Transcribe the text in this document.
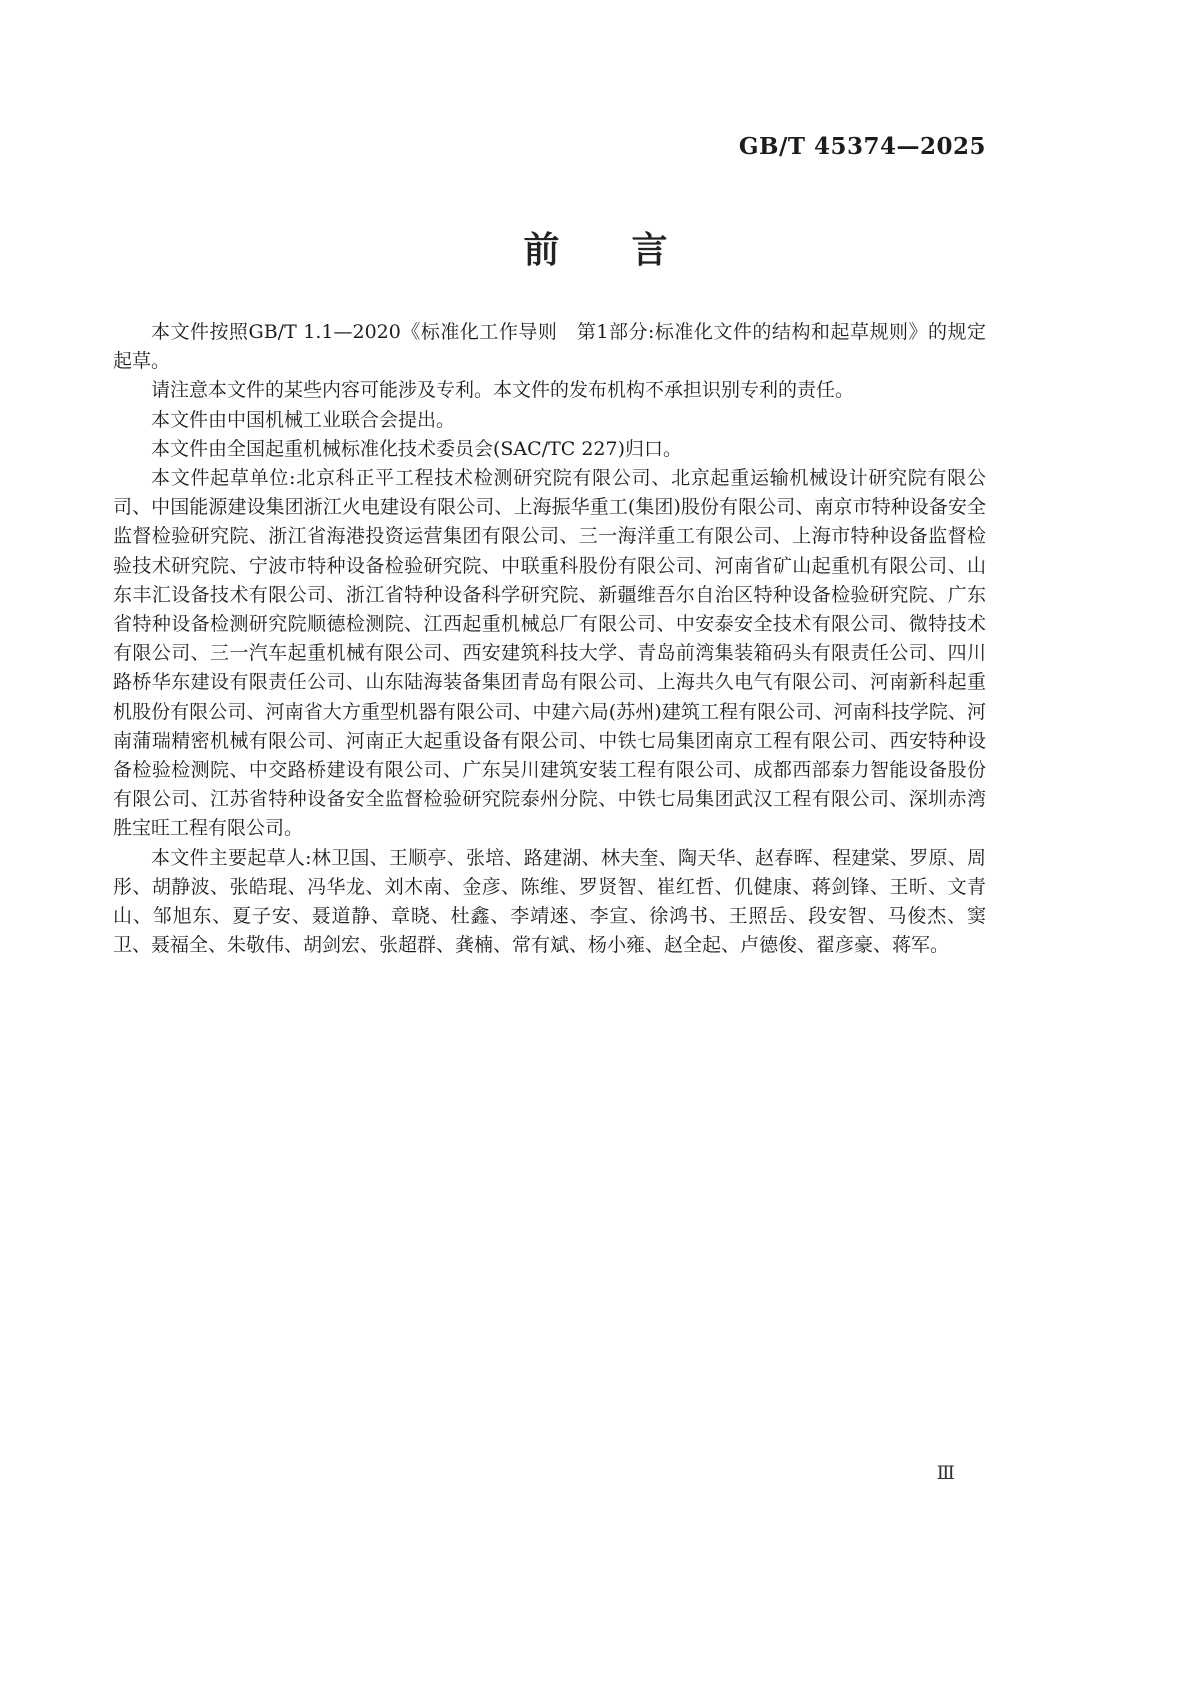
GB/T 45374—2025
前　　言

本文件按照GB/T 1.1—2020《标准化工作导则　第1部分:标准化文件的结构和起草规则》的规定起草。

请注意本文件的某些内容可能涉及专利。本文件的发布机构不承担识别专利的责任。

本文件由中国机械工业联合会提出。

本文件由全国起重机械标准化技术委员会(SAC/TC 227)归口。

本文件起草单位:北京科正平工程技术检测研究院有限公司、北京起重运输机械设计研究院有限公司、中国能源建设集团浙江火电建设有限公司、上海振华重工(集团)股份有限公司、南京市特种设备安全监督检验研究院、浙江省海港投资运营集团有限公司、三一海洋重工有限公司、上海市特种设备监督检验技术研究院、宁波市特种设备检验研究院、中联重科股份有限公司、河南省矿山起重机有限公司、山东丰汇设备技术有限公司、浙江省特种设备科学研究院、新疆维吾尔自治区特种设备检验研究院、广东省特种设备检测研究院顺德检测院、江西起重机械总厂有限公司、中安泰安全技术有限公司、微特技术有限公司、三一汽车起重机械有限公司、西安建筑科技大学、青岛前湾集装箱码头有限责任公司、四川路桥华东建设有限责任公司、山东陆海装备集团青岛有限公司、上海共久电气有限公司、河南新科起重机股份有限公司、河南省大方重型机器有限公司、中建六局(苏州)建筑工程有限公司、河南科技学院、河南蒲瑞精密机械有限公司、河南正大起重设备有限公司、中铁七局集团南京工程有限公司、西安特种设备检验检测院、中交路桥建设有限公司、广东吴川建筑安装工程有限公司、成都西部泰力智能设备股份有限公司、江苏省特种设备安全监督检验研究院泰州分院、中铁七局集团武汉工程有限公司、深圳赤湾胜宝旺工程有限公司。

本文件主要起草人:林卫国、王顺亭、张培、路建湖、林夫奎、陶天华、赵春晖、程建棠、罗原、周彤、胡静波、张皓琨、冯华龙、刘木南、金彦、陈维、罗贤智、崔红哲、仉健康、蒋剑锋、王昕、文青山、邹旭东、夏子安、聂道静、章晓、杜鑫、李靖逨、李宣、徐鸿书、王照岳、段安智、马俊杰、窦卫、聂福全、朱敬伟、胡剑宏、张超群、龚楠、常有斌、杨小雍、赵全起、卢德俊、翟彦豪、蒋军。

Ⅲ
